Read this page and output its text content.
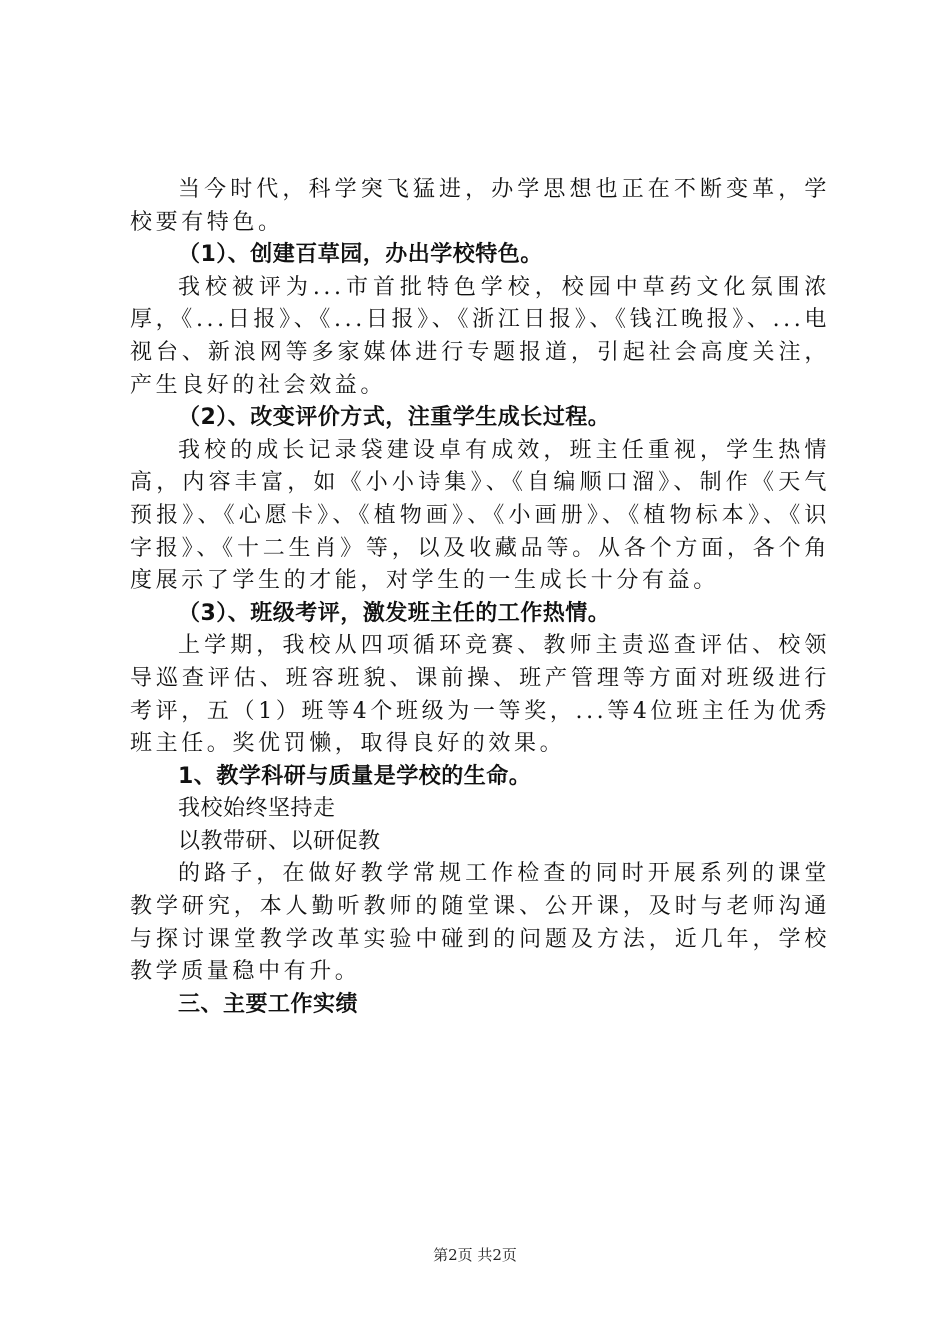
当今时代，科学突飞猛进，办学思想也正在不断变革，学校要有特色。

（1）、创建百草园，办出学校特色。

我校被评为...市首批特色学校，校园中草药文化氛围浓厚，《...日报》、《...日报》、《浙江日报》、《钱江晚报》、...电视台、新浪网等多家媒体进行专题报道，引起社会高度关注，产生良好的社会效益。

（2）、改变评价方式，注重学生成长过程。

我校的成长记录袋建设卓有成效，班主任重视，学生热情高，内容丰富，如《小小诗集》、《自编顺口溜》、制作《天气预报》、《心愿卡》、《植物画》、《小画册》、《植物标本》、《识字报》、《十二生肖》等，以及收藏品等。从各个方面，各个角度展示了学生的才能，对学生的一生成长十分有益。

（3）、班级考评，激发班主任的工作热情。

上学期，我校从四项循环竞赛、教师主责巡查评估、校领导巡查评估、班容班貌、课前操、班产管理等方面对班级进行考评，五（1）班等4个班级为一等奖，...等4位班主任为优秀班主任。奖优罚懒，取得良好的效果。

1、教学科研与质量是学校的生命。

我校始终坚持走

以教带研、以研促教

的路子，在做好教学常规工作检查的同时开展系列的课堂教学研究，本人勤听教师的随堂课、公开课，及时与老师沟通与探讨课堂教学改革实验中碰到的问题及方法，近几年，学校教学质量稳中有升。

三、主要工作实绩

第2页 共2页
